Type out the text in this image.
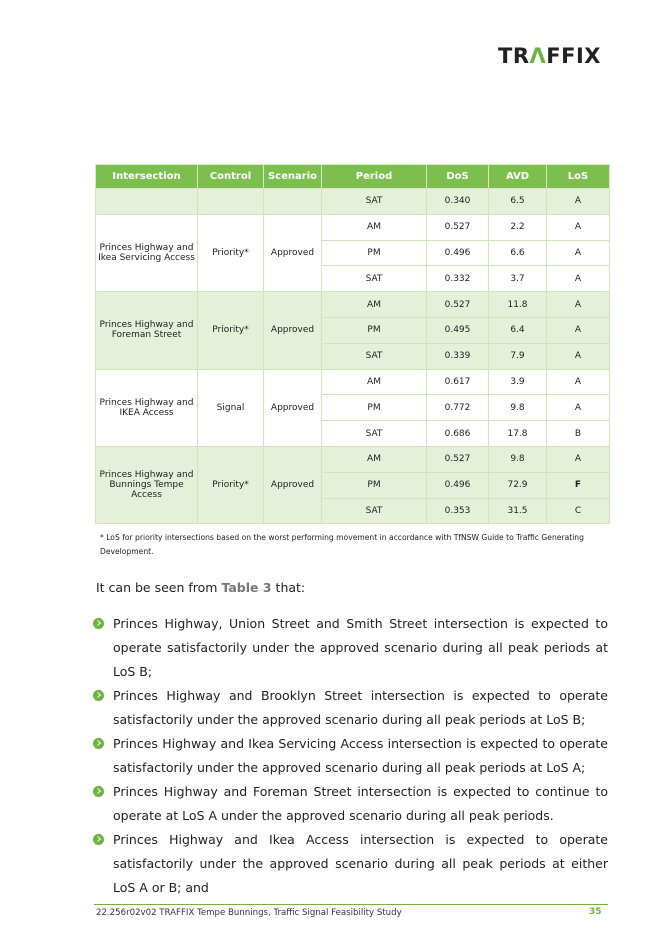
TRΛFFIX
Intersection	Control	Scenario	Period	DoS	AVD	LoS
			SAT	0.340	6.5	A
Princes Highway and Ikea Servicing Access	Priority*	Approved	AM	0.527	2.2	A
			PM	0.496	6.6	A
			SAT	0.332	3.7	A
Princes Highway and Foreman Street	Priority*	Approved	AM	0.527	11.8	A
			PM	0.495	6.4	A
			SAT	0.339	7.9	A
Princes Highway and IKEA Access	Signal	Approved	AM	0.617	3.9	A
			PM	0.772	9.8	A
			SAT	0.686	17.8	B
Princes Highway and Bunnings Tempe Access	Priority*	Approved	AM	0.527	9.8	A
			PM	0.496	72.9	F
			SAT	0.353	31.5	C
* LoS for priority intersections based on the worst performing movement in accordance with TfNSW Guide to Traffic Generating Development.
It can be seen from Table 3 that:
Princes Highway, Union Street and Smith Street intersection is expected to operate satisfactorily under the approved scenario during all peak periods at LoS B;
Princes Highway and Brooklyn Street intersection is expected to operate satisfactorily under the approved scenario during all peak periods at LoS B;
Princes Highway and Ikea Servicing Access intersection is expected to operate satisfactorily under the approved scenario during all peak periods at LoS A;
Princes Highway and Foreman Street intersection is expected to continue to operate at LoS A under the approved scenario during all peak periods.
Princes Highway and Ikea Access intersection is expected to operate satisfactorily under the approved scenario during all peak periods at either LoS A or B; and
22.256r02v02 TRAFFIX Tempe Bunnings, Traffic Signal Feasibility Study	35
